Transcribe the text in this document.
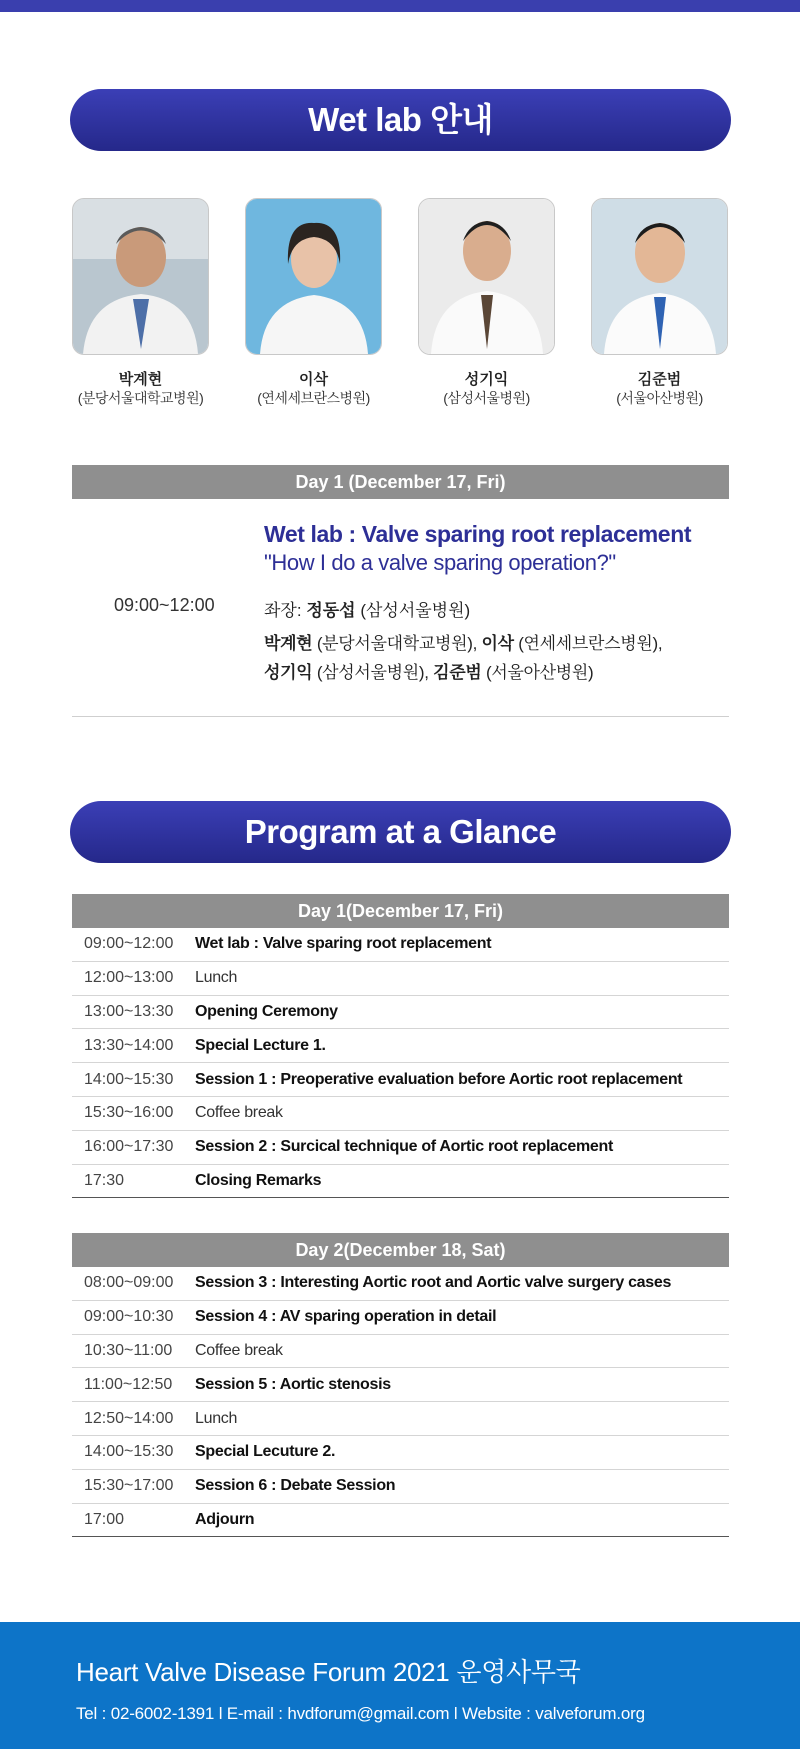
Wet lab 안내
박계현
(분당서울대학교병원)
이삭
(연세세브란스병원)
성기익
(삼성서울병원)
김준범
(서울아산병원)
Day 1 (December 17, Fri)
09:00~12:00
Wet lab : Valve sparing root replacement
"How I do a valve sparing operation?"
좌장: 정동섭 (삼성서울병원)
박계현 (분당서울대학교병원), 이삭 (연세세브란스병원),
성기익 (삼성서울병원), 김준범 (서울아산병원)
Program at a Glance
Day 1(December 17, Fri)
09:00~12:00	Wet lab : Valve sparing root replacement
12:00~13:00	Lunch
13:00~13:30	Opening Ceremony
13:30~14:00	Special Lecture 1.
14:00~15:30	Session 1 : Preoperative evaluation before Aortic root replacement
15:30~16:00	Coffee break
16:00~17:30	Session 2 : Surcical technique of Aortic root replacement
17:30	Closing Remarks
Day 2(December 18, Sat)
08:00~09:00	Session 3 : Interesting Aortic root and Aortic valve surgery cases
09:00~10:30	Session 4 : AV sparing operation in detail
10:30~11:00	Coffee break
11:00~12:50	Session 5 : Aortic stenosis
12:50~14:00	Lunch
14:00~15:30	Special Lecuture 2.
15:30~17:00	Session 6 : Debate Session
17:00	Adjourn
Heart Valve Disease Forum 2021 운영사무국
Tel : 02-6002-1391 l E-mail : hvdforum@gmail.com l Website : valveforum.org
